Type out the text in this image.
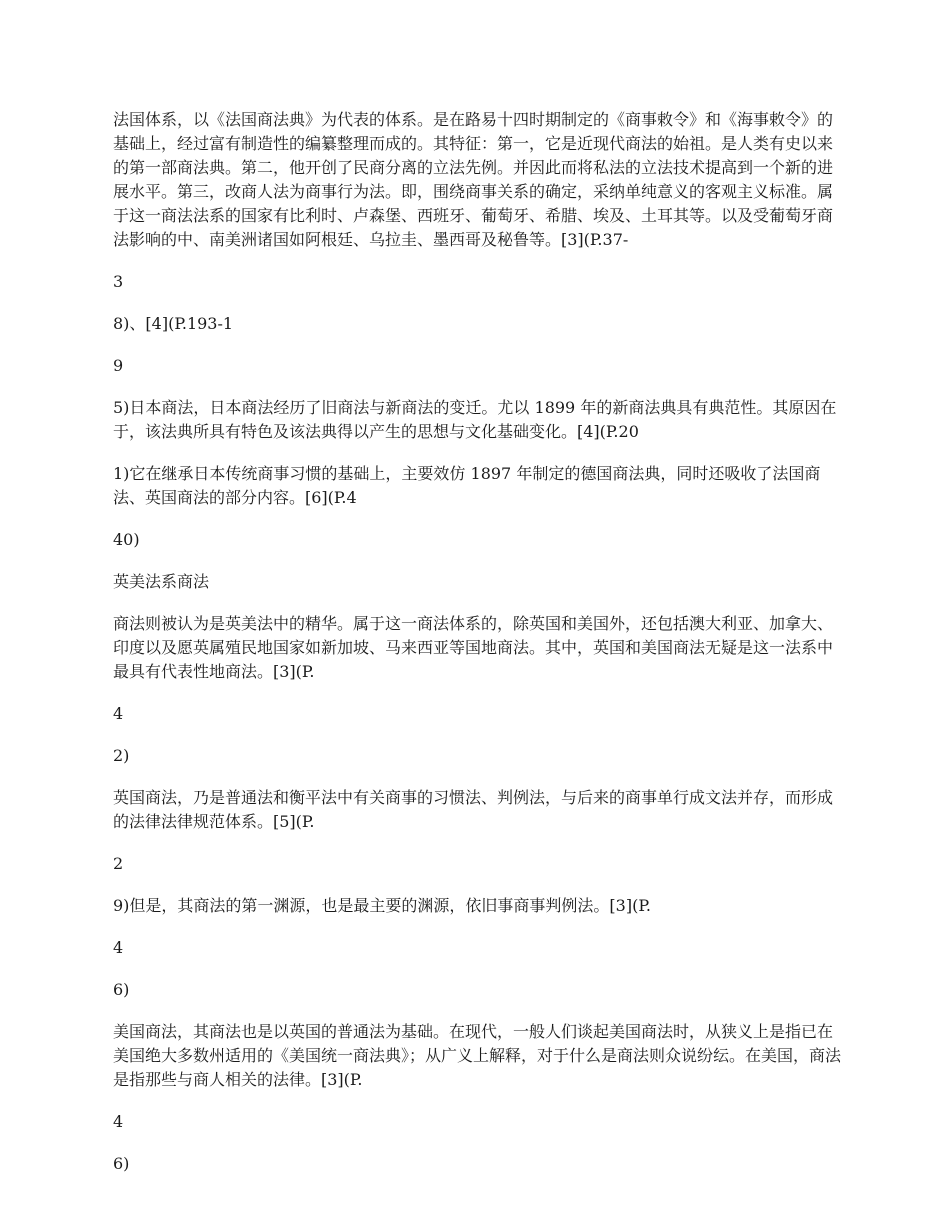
法国体系，以《法国商法典》为代表的体系。是在路易十四时期制定的《商事敕令》和《海事敕令》的基础上，经过富有制造性的编纂整理而成的。其特征：第一，它是近现代商法的始祖。是人类有史以来的第一部商法典。第二，他开创了民商分离的立法先例。并因此而将私法的立法技术提高到一个新的进展水平。第三，改商人法为商事行为法。即，围绕商事关系的确定，采纳单纯意义的客观主义标准。属于这一商法法系的国家有比利时、卢森堡、西班牙、葡萄牙、希腊、埃及、土耳其等。以及受葡萄牙商法影响的中、南美洲诸国如阿根廷、乌拉圭、墨西哥及秘鲁等。[3](P.37-

3

8)、[4](P.193-1

9

5)日本商法，日本商法经历了旧商法与新商法的变迁。尤以 1899 年的新商法典具有典范性。其原因在于，该法典所具有特色及该法典得以产生的思想与文化基础变化。[4](P.20

1)它在继承日本传统商事习惯的基础上，主要效仿 1897 年制定的德国商法典，同时还吸收了法国商法、英国商法的部分内容。[6](P.4

40)

英美法系商法

商法则被认为是英美法中的精华。属于这一商法体系的，除英国和美国外，还包括澳大利亚、加拿大、印度以及愿英属殖民地国家如新加坡、马来西亚等国地商法。其中，英国和美国商法无疑是这一法系中最具有代表性地商法。[3](P.

4

2)

英国商法，乃是普通法和衡平法中有关商事的习惯法、判例法，与后来的商事单行成文法并存，而形成的法律法律规范体系。[5](P.

2

9)但是，其商法的第一渊源，也是最主要的渊源，依旧事商事判例法。[3](P.

4

6)

美国商法，其商法也是以英国的普通法为基础。在现代，一般人们谈起美国商法时，从狭义上是指已在美国绝大多数州适用的《美国统一商法典》；从广义上解释，对于什么是商法则众说纷纭。在美国，商法是指那些与商人相关的法律。[3](P.

4

6)
